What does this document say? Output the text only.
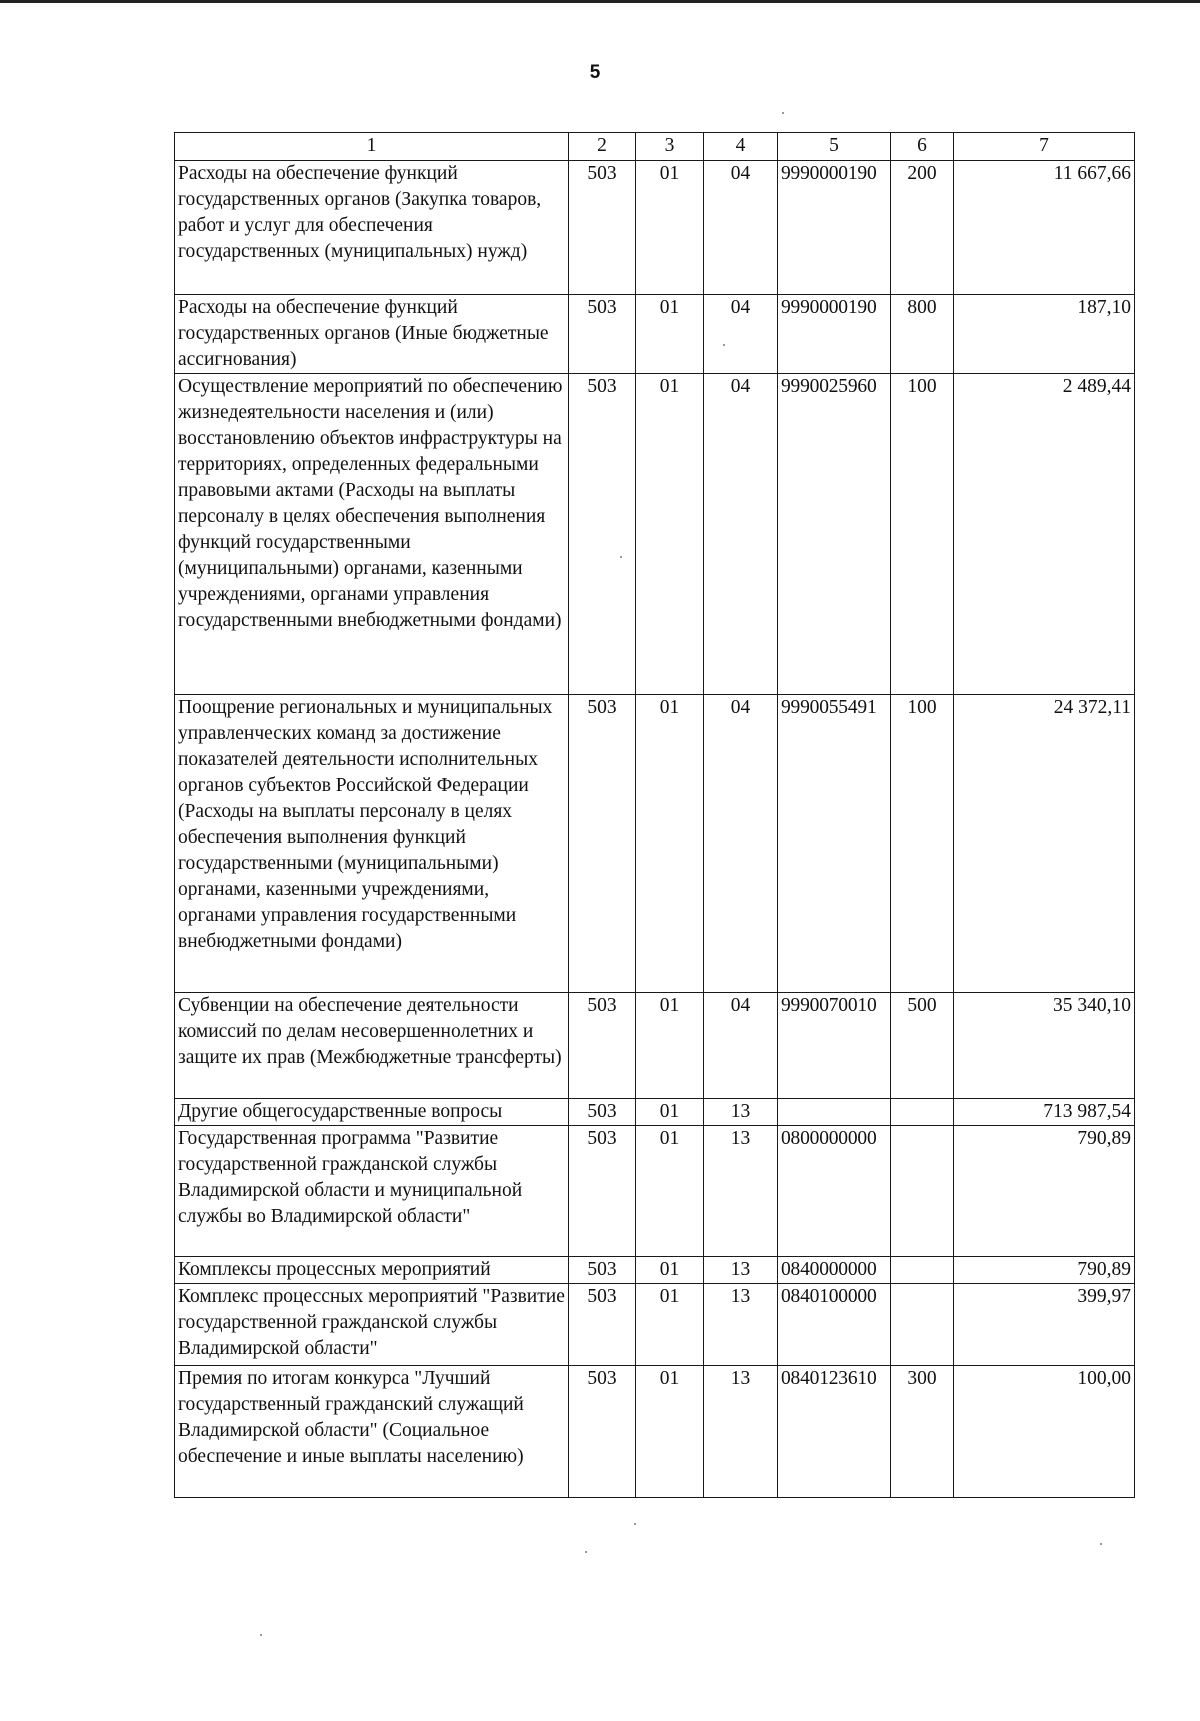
5
1	2	3	4	5	6	7
Расходы на обеспечение функций государственных органов (Закупка товаров, работ и услуг для обеспечения государственных (муниципальных) нужд)	503	01	04	9990000190	200	11 667,66
Расходы на обеспечение функций государственных органов (Иные бюджетные ассигнования)	503	01	04	9990000190	800	187,10
Осуществление мероприятий по обеспечению жизнедеятельности населения и (или) восстановлению объектов инфраструктуры на территориях, определенных федеральными правовыми актами (Расходы на выплаты персоналу в целях обеспечения выполнения функций государственными (муниципальными) органами, казенными учреждениями, органами управления государственными внебюджетными фондами)	503	01	04	9990025960	100	2 489,44
Поощрение региональных и муниципальных управленческих команд за достижение показателей деятельности исполнительных органов субъектов Российской Федерации (Расходы на выплаты персоналу в целях обеспечения выполнения функций государственными (муниципальными) органами, казенными учреждениями, органами управления государственными внебюджетными фондами)	503	01	04	9990055491	100	24 372,11
Субвенции на обеспечение деятельности комиссий по делам несовершеннолетних и защите их прав (Межбюджетные трансферты)	503	01	04	9990070010	500	35 340,10
Другие общегосударственные вопросы	503	01	13			713 987,54
Государственная программа "Развитие государственной гражданской службы Владимирской области и муниципальной службы во Владимирской области"	503	01	13	0800000000		790,89
Комплексы процессных мероприятий	503	01	13	0840000000		790,89
Комплекс процессных мероприятий "Развитие государственной гражданской службы Владимирской области"	503	01	13	0840100000		399,97
Премия по итогам конкурса "Лучший государственный гражданский служащий Владимирской области" (Социальное обеспечение и иные выплаты населению)	503	01	13	0840123610	300	100,00
